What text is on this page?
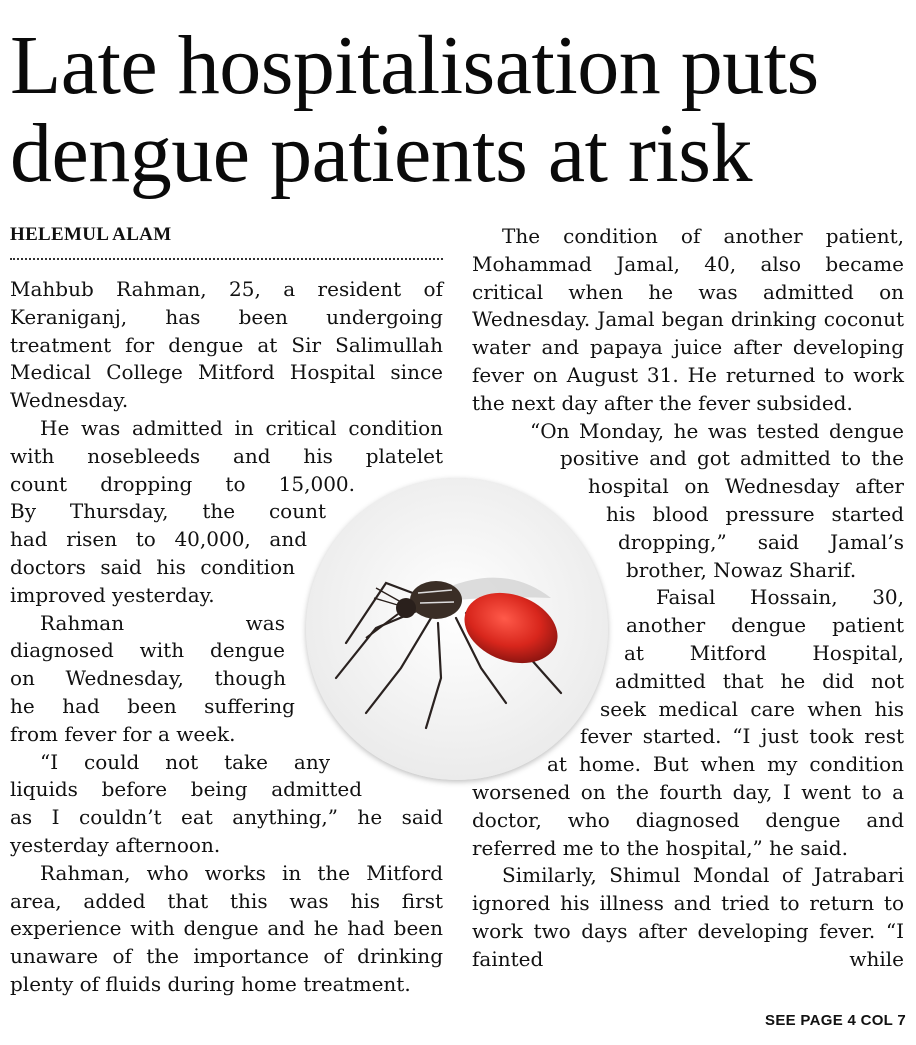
Late hospitalisation puts dengue patients at risk
HELEMUL ALAM

Mahbub Rahman, 25, a resident of Keraniganj, has been undergoing treatment for dengue at Sir Salimullah Medical College Mitford Hospital since Wednesday.

He was admitted in critical condition with nosebleeds and his platelet

count dropping to 15,000.

By Thursday, the count

had risen to 40,000, and

doctors said his condition

improved yesterday.

Rahman was

diagnosed with dengue

on Wednesday, though

he had been suffering

from fever for a week.

“I could not take any

liquids before being admitted

as I couldn’t eat anything,” he said yesterday afternoon.

Rahman, who works in the Mitford area, added that this was his first experience with dengue and he had been unaware of the importance of drinking plenty of fluids during home treatment.

The condition of another patient, Mohammad Jamal, 40, also became critical when he was admitted on Wednesday. Jamal began drinking coconut water and papaya juice after developing fever on August 31. He returned to work the next day after the fever subsided.

“On Monday, he was tested dengue

positive and got admitted to the

hospital on Wednesday after

his blood pressure started

dropping,” said Jamal’s

brother, Nowaz Sharif.

Faisal Hossain, 30,

another dengue patient

at Mitford Hospital,

admitted that he did not

seek medical care when his

fever started. “I just took rest

at home. But when my condition

worsened on the fourth day, I went to a doctor, who diagnosed dengue and referred me to the hospital,” he said.

Similarly, Shimul Mondal of Jatrabari ignored his illness and tried to return to work two days after developing fever. “I fainted while

SEE PAGE 4 COL 7
